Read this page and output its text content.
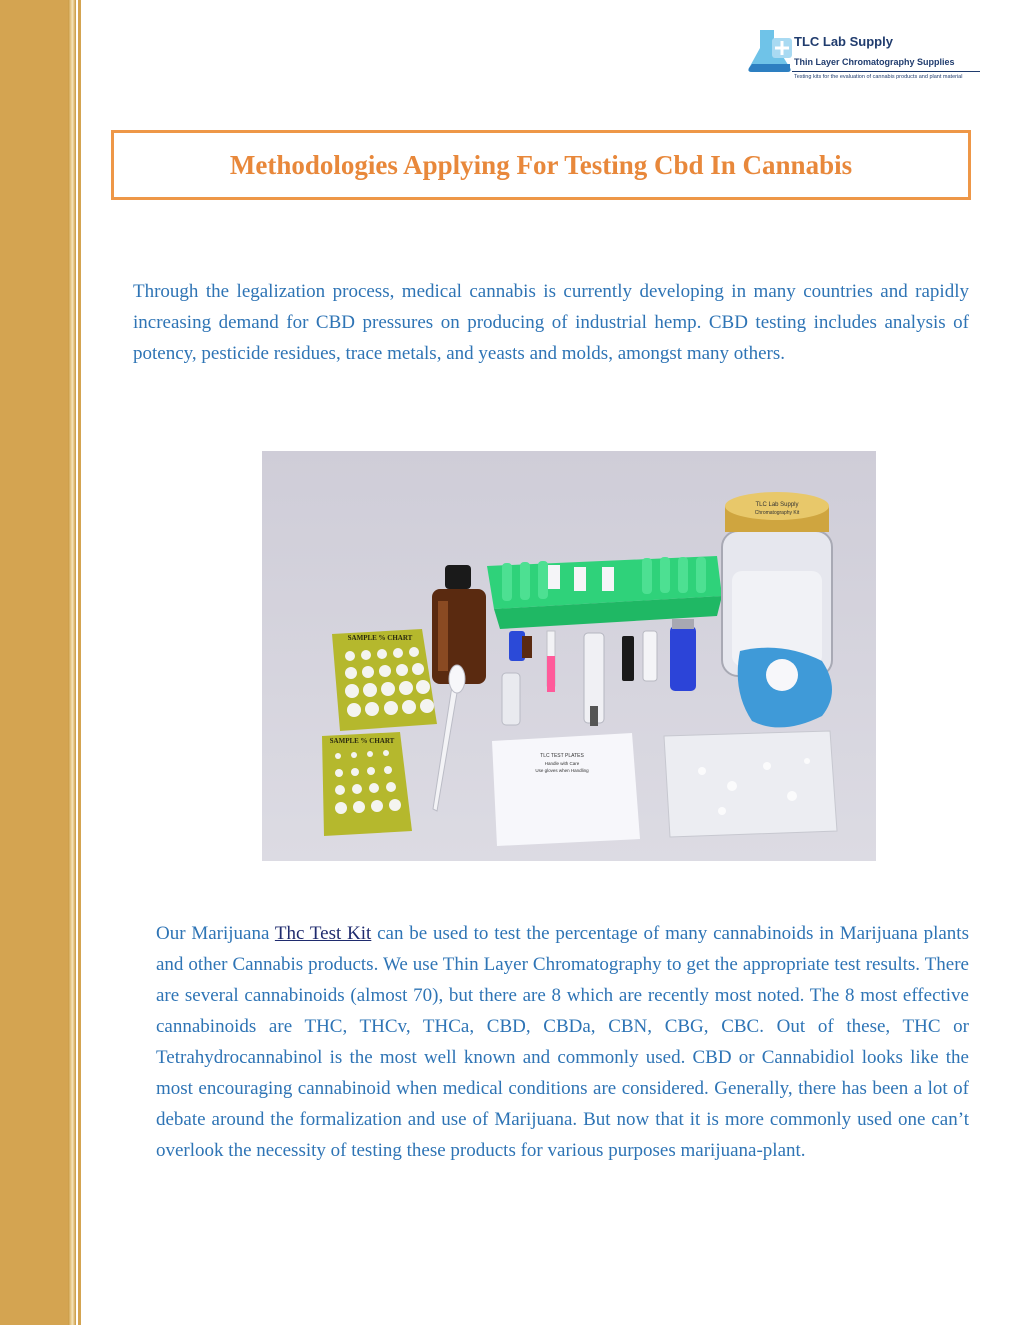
TLC Lab Supply
Thin Layer Chromatography Supplies
Testing kits for the evaluation of cannabis products and plant material
Methodologies Applying For Testing Cbd In Cannabis

Through the legalization process, medical cannabis is currently developing in many countries and rapidly increasing demand for CBD pressures on producing of industrial hemp. CBD testing includes analysis of potency, pesticide residues, trace metals, and yeasts and molds, amongst many others.

TLC Lab Supply
Chromatography Kit
SAMPLE % CHART
SAMPLE % CHART
TLC TEST PLATES
Handle with Care
Use gloves when Handling

Our Marijuana Thc Test Kit can be used to test the percentage of many cannabinoids in Marijuana plants and other Cannabis products. We use Thin Layer Chromatography to get the appropriate test results. There are several cannabinoids (almost 70), but there are 8 which are recently most noted. The 8 most effective cannabinoids are THC, THCv, THCa, CBD, CBDa, CBN, CBG, CBC. Out of these, THC or Tetrahydrocannabinol is the most well known and commonly used. CBD or Cannabidiol looks like the most encouraging cannabinoid when medical conditions are considered. Generally, there has been a lot of debate around the formalization and use of Marijuana. But now that it is more commonly used one can’t overlook the necessity of testing these products for various purposes marijuana-plant.
